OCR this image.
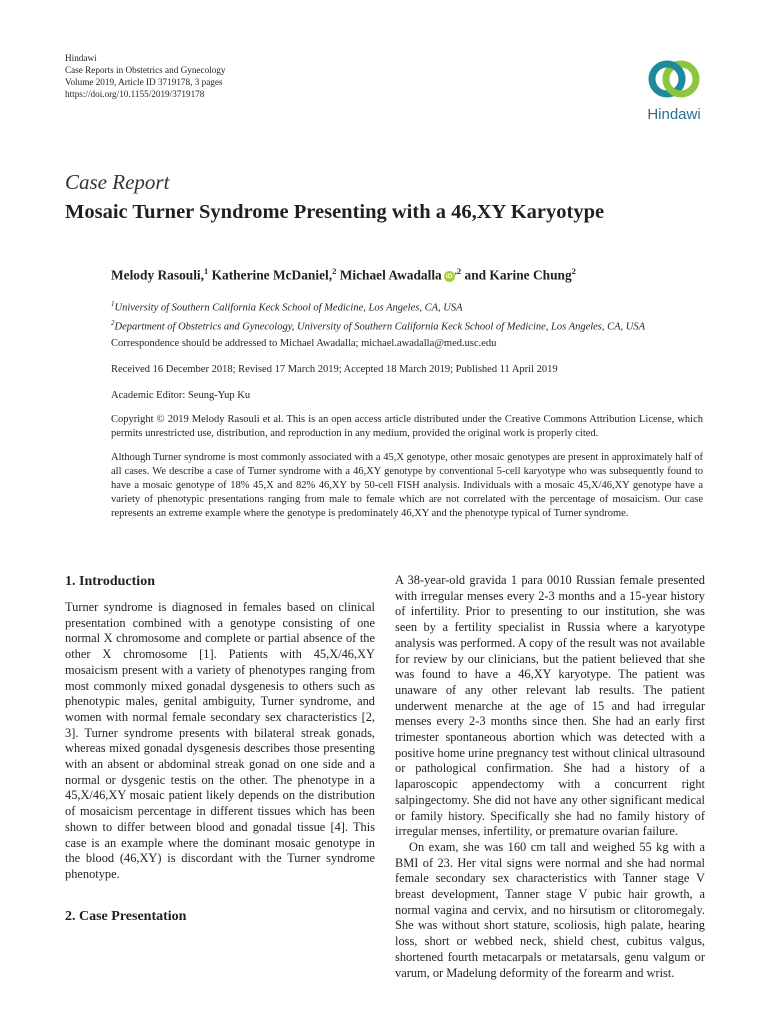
Hindawi
Case Reports in Obstetrics and Gynecology
Volume 2019, Article ID 3719178, 3 pages
https://doi.org/10.1155/2019/3719178
Hindawi
Case Report
Mosaic Turner Syndrome Presenting with a 46,XY Karyotype
Melody Rasouli,$^1$ Katherine McDaniel,$^2$ Michael Awadalla $iD^{,2}$ and Karine Chung$^2$
$^1$University of Southern California Keck School of Medicine, Los Angeles, CA, USA
$^2$Department of Obstetrics and Gynecology, University of Southern California Keck School of Medicine, Los Angeles, CA, USA
Correspondence should be addressed to Michael Awadalla; michael.awadalla@med.usc.edu
Received 16 December 2018; Revised 17 March 2019; Accepted 18 March 2019; Published 11 April 2019
Academic Editor: Seung-Yup Ku
Copyright © 2019 Melody Rasouli et al. This is an open access article distributed under the Creative Commons Attribution License, which permits unrestricted use, distribution, and reproduction in any medium, provided the original work is properly cited.
Although Turner syndrome is most commonly associated with a 45,X genotype, other mosaic genotypes are present in approximately half of all cases. We describe a case of Turner syndrome with a 46,XY genotype by conventional 5-cell karyotype who was subsequently found to have a mosaic genotype of 18% 45,X and 82% 46,XY by 50-cell FISH analysis. Individuals with a mosaic 45,X/46,XY genotype have a variety of phenotypic presentations ranging from male to female which are not correlated with the percentage of mosaicism. Our case represents an extreme example where the genotype is predominately 46,XY and the phenotype typical of Turner syndrome.
1. Introduction

Turner syndrome is diagnosed in females based on clinical presentation combined with a genotype consisting of one normal X chromosome and complete or partial absence of the other X chromosome [1]. Patients with 45,X/46,XY mosaicism present with a variety of phenotypes ranging from most commonly mixed gonadal dysgenesis to others such as phenotypic males, genital ambiguity, Turner syndrome, and women with normal female secondary sex characteristics [2, 3]. Turner syndrome presents with bilateral streak gonads, whereas mixed gonadal dysgenesis describes those presenting with an absent or abdominal streak gonad on one side and a normal or dysgenic testis on the other. The phenotype in a 45,X/46,XY mosaic patient likely depends on the distribution of mosaicism percentage in different tissues which has been shown to differ between blood and gonadal tissue [4]. This case is an example where the dominant mosaic genotype in the blood (46,XY) is discordant with the Turner syndrome phenotype.

2. Case Presentation

A 38-year-old gravida 1 para 0010 Russian female presented with irregular menses every 2-3 months and a 15-year history of infertility. Prior to presenting to our institution, she was seen by a fertility specialist in Russia where a karyotype analysis was performed. A copy of the result was not available for review by our clinicians, but the patient believed that she was found to have a 46,XY karyotype. The patient was unaware of any other relevant lab results. The patient underwent menarche at the age of 15 and had irregular menses every 2-3 months since then. She had an early first trimester spontaneous abortion which was detected with a positive home urine pregnancy test without clinical ultrasound or pathological confirmation. She had a history of a laparoscopic appendectomy with a concurrent right salpingectomy. She did not have any other significant medical or family history. Specifically she had no family history of irregular menses, infertility, or premature ovarian failure.

On exam, she was 160 cm tall and weighed 55 kg with a BMI of 23. Her vital signs were normal and she had normal female secondary sex characteristics with Tanner stage V breast development, Tanner stage V pubic hair growth, a normal vagina and cervix, and no hirsutism or clitoromegaly. She was without short stature, scoliosis, high palate, hearing loss, short or webbed neck, shield chest, cubitus valgus, shortened fourth metacarpals or metatarsals, genu valgum or varum, or Madelung deformity of the forearm and wrist.
